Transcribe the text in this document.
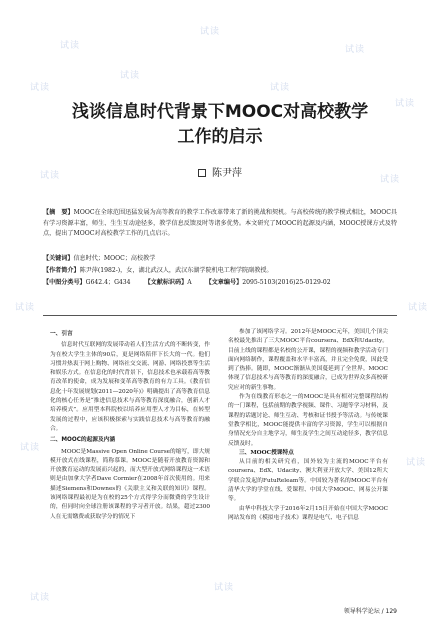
试读
试读
试读
试读
试读
试读
试读
试读	试读
试读	试读
试读
试读
试读
试读
浅谈信息时代背景下MOOC对高校教学
工作的启示
陈尹萍
【摘　要】MOOC在全球范围迅猛发展为高等教育的教学工作改革带来了新的挑战和契机。与高校传统的教学模式相比，MOOC具有学习资源丰富，师生、生生互动途径多，教学信息反馈及时等诸多优势。本文研究了MOOC的起源及内涵，MOOC授课方式及特点，提出了MOOC对高校教学工作的几点启示。
【关键词】信息时代；MOOC；高校教学
【作者简介】陈尹萍(1982-)，女，湖北武汉人，武汉东湖学院机电工程学院副教授。
【中图分类号】G642.4；G434 【文献标识码】A 【文章编号】2095-5103(2016)25-0129-02

一、引言

信息时代互联网的发展带动着人们生活方式的不断转变，作为在校大学生主体的90后，更是网络陪伴下长大的一代。他们习惯并热衷于网上购物、网络社交交流、网游、网络投票等生活和娱乐方式。在信息化的时代背景下，信息技术也承载着高等教育改革的使命，成为发展和变革高等教育的有力工具。《教育信息化十年发展规划(2011—2020年)》明确提出了高等教育信息化的核心任务是“推进信息技术与高等教育深度融合，创新人才培养模式”。应用型本科院校以培养应用型人才为目标，在转型发展的过程中，应该积极探索与实践信息技术与高等教育的融合。

二、MOOC的起源及内涵

MOOC是Massive Open Online Course的缩写，即大规模开放式在线课程，简称慕课。MOOC是随着开放教育资源和开放教育运动的发展而兴起的，而大型开放式网络课程这一术语则是由加拿大学者Dave Cormier在2008年首次使用的。用来描述Siemens和Downes的《关联主义和关联的知识》课程。该网络课程最初是为在校的25个方式得学分而微费的学生设计的，但同时向全球注册该课程的学习者开放。结果，超过2300人在无需缴费或获取学分的情况下

参加了该网络学习。2012年是MOOC元年，美国几个顶尖名校最先推出了三大MOOC平台coursera、EdX和Udacity。目前上线的课程都是名校的公开课，课程的视频和教学活动专门面向网络制作，课程覆盖和水平丰富高，并且完全免费，因此受到了热捧。随即，MOOC渐渐从美国蔓延到了全世界。MOOC体现了信息技术与高等教育的深度融合，已成为世界众多高校研究应对的新生事物。

作为在线教育形态之一的MOOC是具有相对完整课程结构的一门课程，包括前期的教学视频、课件、习题等学习材料，及课程的话题讨论、师生互动、考核和证书授予等活动。与传统课堂教学相比，MOOC能提供丰富的学习资源，学生可以根据自身情况充分自主地学习，师生及学生之间互动途径多，教学信息反馈及时。

三、MOOC授课特点

从目前的相关研究看，国外较为主流的MOOC平台有coursera、EdX、Udacity、澳大利亚开放大学、美国12所大学联合发起的FutuReleam等。中国较为著名的MOOC平台有清华大学的学堂在线、爱课程、中国大学MOOC、网易公开课等。

由华中科技大学于2016年2月15日开始在中国大学MOOC网站发布的《模拟电子技术》课程是电气、电子信息

领导科学论坛 / 129
